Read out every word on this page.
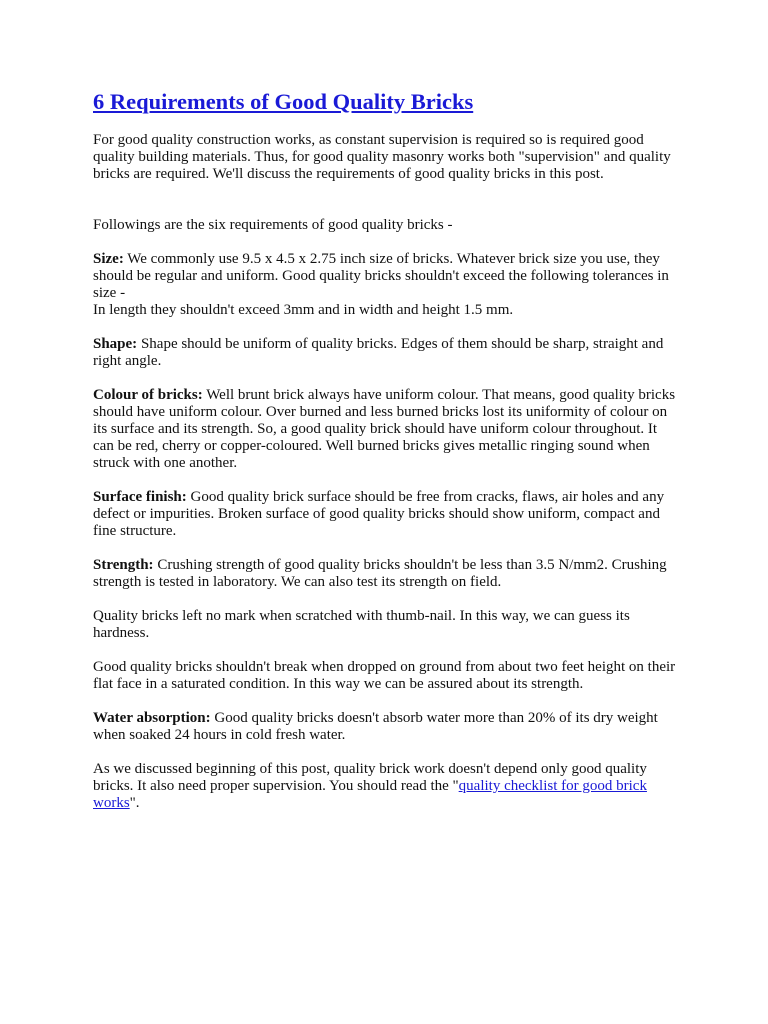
6 Requirements of Good Quality Bricks

For good quality construction works, as constant supervision is required so is required good quality building materials. Thus, for good quality masonry works both "supervision" and quality bricks are required. We'll discuss the requirements of good quality bricks in this post.

Followings are the six requirements of good quality bricks -

Size: We commonly use 9.5 x 4.5 x 2.75 inch size of bricks. Whatever brick size you use, they should be regular and uniform. Good quality bricks shouldn't exceed the following tolerances in size -
In length they shouldn't exceed 3mm and in width and height 1.5 mm.

Shape: Shape should be uniform of quality bricks. Edges of them should be sharp, straight and right angle.

Colour of bricks: Well brunt brick always have uniform colour. That means, good quality bricks should have uniform colour. Over burned and less burned bricks lost its uniformity of colour on its surface and its strength. So, a good quality brick should have uniform colour throughout. It can be red, cherry or copper-coloured. Well burned bricks gives metallic ringing sound when struck with one another.

Surface finish: Good quality brick surface should be free from cracks, flaws, air holes and any defect or impurities. Broken surface of good quality bricks should show uniform, compact and fine structure.

Strength: Crushing strength of good quality bricks shouldn't be less than 3.5 N/mm2. Crushing strength is tested in laboratory. We can also test its strength on field.

Quality bricks left no mark when scratched with thumb-nail. In this way, we can guess its hardness.

Good quality bricks shouldn't break when dropped on ground from about two feet height on their flat face in a saturated condition. In this way we can be assured about its strength.

Water absorption: Good quality bricks doesn't absorb water more than 20% of its dry weight when soaked 24 hours in cold fresh water.

As we discussed beginning of this post, quality brick work doesn't depend only good quality bricks. It also need proper supervision. You should read the "quality checklist for good brick works".
